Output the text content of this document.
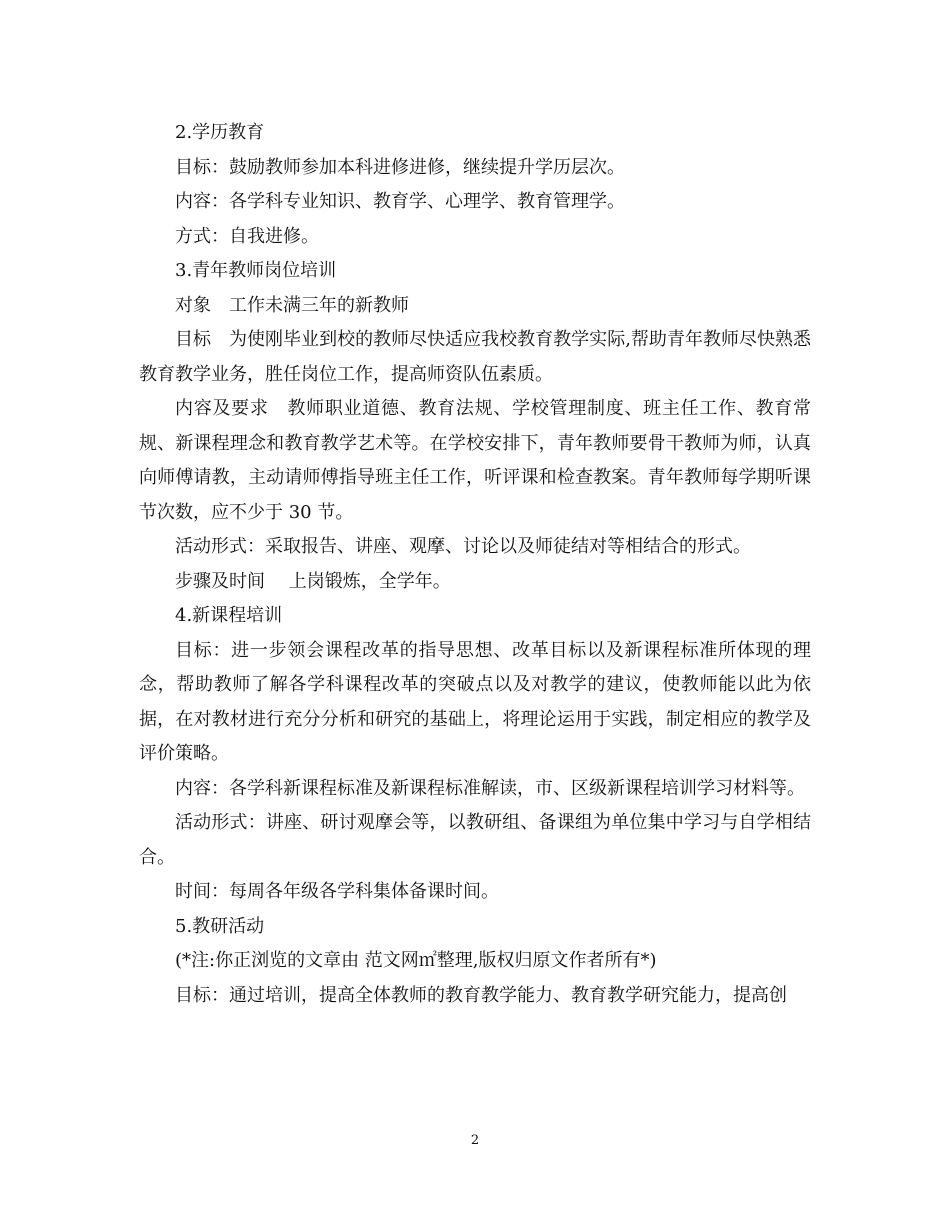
2.学历教育

目标：鼓励教师参加本科进修进修，继续提升学历层次。

内容：各学科专业知识、教育学、心理学、教育管理学。

方式：自我进修。

3.青年教师岗位培训

对象　工作未满三年的新教师

目标　为使刚毕业到校的教师尽快适应我校教育教学实际,帮助青年教师尽快熟悉教育教学业务，胜任岗位工作，提高师资队伍素质。

内容及要求　教师职业道德、教育法规、学校管理制度、班主任工作、教育常规、新课程理念和教育教学艺术等。在学校安排下，青年教师要骨干教师为师，认真向师傅请教，主动请师傅指导班主任工作，听评课和检查教案。青年教师每学期听课节次数，应不少于 30 节。

活动形式：采取报告、讲座、观摩、讨论以及师徒结对等相结合的形式。

步骤及时间　 上岗锻炼，全学年。

4.新课程培训

目标：进一步领会课程改革的指导思想、改革目标以及新课程标准所体现的理念，帮助教师了解各学科课程改革的突破点以及对教学的建议，使教师能以此为依据，在对教材进行充分分析和研究的基础上，将理论运用于实践，制定相应的教学及评价策略。

内容：各学科新课程标准及新课程标准解读，市、区级新课程培训学习材料等。

活动形式：讲座、研讨观摩会等，以教研组、备课组为单位集中学习与自学相结合。

时间：每周各年级各学科集体备课时间。

5.教研活动

(*注:你正浏览的文章由 范文网㎡整理,版权归原文作者所有*)

目标：通过培训，提高全体教师的教育教学能力、教育教学研究能力，提高创

2
